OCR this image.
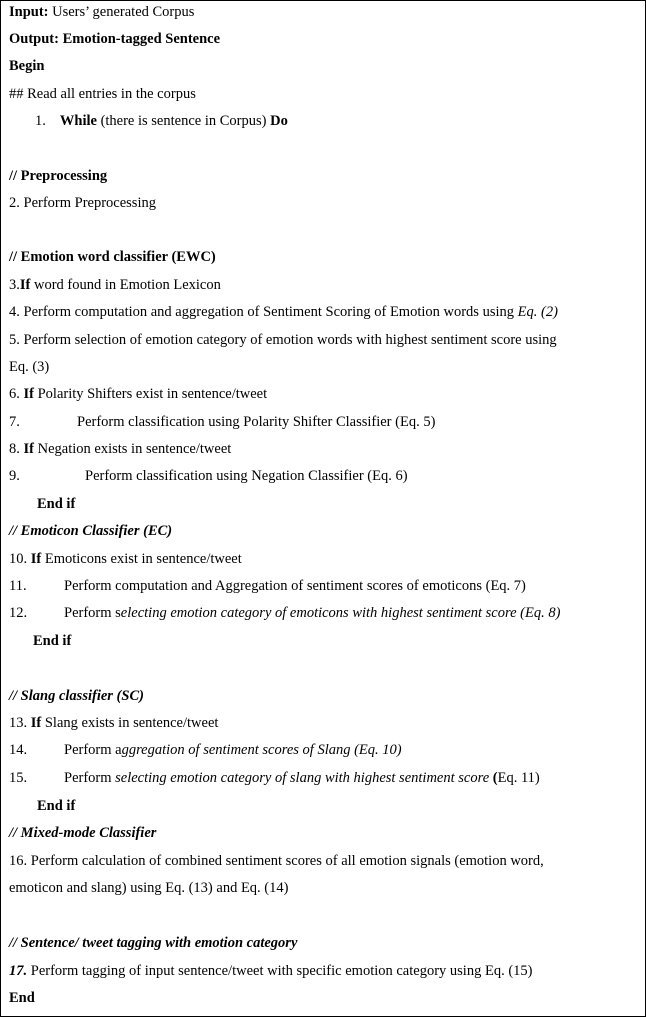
Input: Users’ generated Corpus
Output: Emotion-tagged Sentence
Begin
## Read all entries in the corpus
1. While (there is sentence in Corpus) Do
// Preprocessing
2. Perform Preprocessing
// Emotion word classifier (EWC)
3.If word found in Emotion Lexicon
4. Perform computation and aggregation of Sentiment Scoring of Emotion words using Eq. (2)
5. Perform selection of emotion category of emotion words with highest sentiment score using
Eq. (3)
6. If Polarity Shifters exist in sentence/tweet
7.	Perform classification using Polarity Shifter Classifier (Eq. 5)
8. If Negation exists in sentence/tweet
9.	Perform classification using Negation Classifier (Eq. 6)
End if
// Emoticon Classifier (EC)
10. If Emoticons exist in sentence/tweet
11.	Perform computation and Aggregation of sentiment scores of emoticons (Eq. 7)
12.	Perform selecting emotion category of emoticons with highest sentiment score (Eq. 8)
End if
// Slang classifier (SC)
13. If Slang exists in sentence/tweet
14.	Perform aggregation of sentiment scores of Slang (Eq. 10)
15.	Perform selecting emotion category of slang with highest sentiment score (Eq. 11)
End if
// Mixed-mode Classifier
16. Perform calculation of combined sentiment scores of all emotion signals (emotion word,
emoticon and slang) using Eq. (13) and Eq. (14)
// Sentence/ tweet tagging with emotion category
17. Perform tagging of input sentence/tweet with specific emotion category using Eq. (15)
End
